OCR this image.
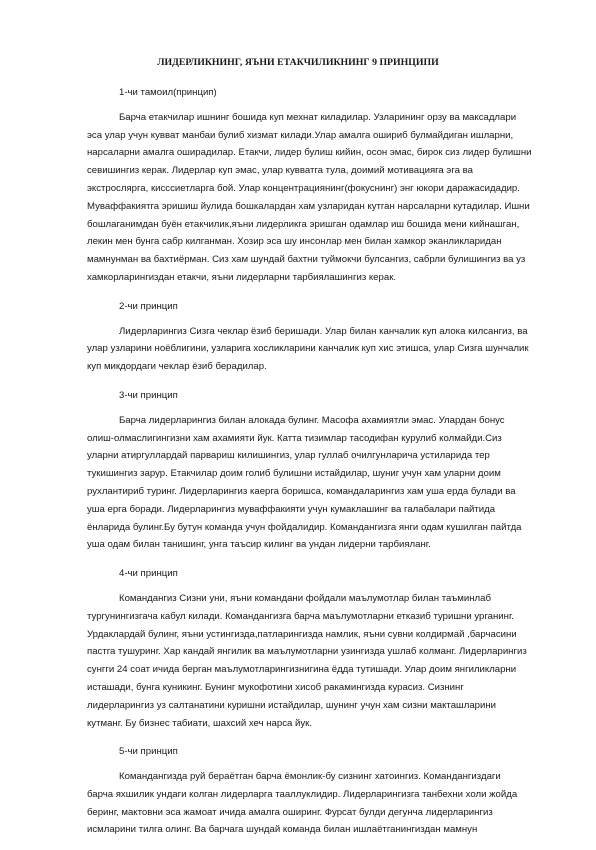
ЛИДЕРЛИКНИНГ, ЯЪНИ ЕТАКЧИЛИКНИНГ 9 ПРИНЦИПИ
1-чи тамоил(принцип)
Барча етакчилар ишнинг бошида куп мехнат киладилар. Узларининг орзу ва максадлари
эса улар учун кувват манбаи булиб хизмат килади.Улар амалга ошириб булмайдиган ишларни,
нарсаларни амалга оширадилар. Етакчи, лидер булиш кийин, осон эмас, бирок сиз лидер булишни
севишингиз керак. Лидерлар куп эмас, улар кувватга тула, доимий мотивацияга эга ва
экстрослярга, кисссиетларга бой. Улар концентрациянинг(фокуснинг) энг юкори даражасидадир.
Муваффакиятга эришиш йулида бошкалардан хам узларидан кутган нарсаларни кутадилар. Ишни
бошлаганимдан буён етакчилик,яъни лидерликга эришган одамлар иш бошида мени кийнашган,
лекин мен бунга сабр килганман. Хозир эса шу инсонлар мен билан хамкор эканликларидан
мамнунман ва бахтиёрман. Сиз хам шундай бахтни туймокчи булсангиз, сабрли булишингиз ва уз
хамкорларингиздан етакчи, яъни лидерларни тарбиялашингиз керак.
2-чи принцип
Лидерларингиз Сизга чеклар ёзиб беришади. Улар билан канчалик куп алока килсангиз, ва
улар узларини ноёблигини, узларига хосликларини канчалик куп хис этишса, улар Сизга шунчалик
куп микдордаги чеклар ёзиб берадилар.
3-чи принцип
Барча лидерларингиз билан алокада булинг. Масофа ахамиятли эмас. Улардан бонус
олиш-олмаслигингизни хам ахамияти йук. Катта тизимлар тасодифан курулиб колмайди.Сиз
уларни атиргуллардай парвариш килишингиз, улар гуллаб очилгунларича устиларида тер
тукишингиз зарур. Етакчилар доим голиб булишни истайдилар, шуниг учун хам уларни доим
рухлантириб туринг. Лидерларингиз каерга боришса, командаларингиз хам уша ерда булади ва
уша ерга боради. Лидерларингиз муваффакияти учун кумаклашинг ва галабалари пайтида
ёнларида булинг.Бу бутун команда учун фойдалидир. Командангизга янги одам кушилган пайтда
уша одам билан танишинг, унга таъсир килинг ва ундан лидерни тарбияланг.
4-чи принцип
Командангиз Сизни уни, яъни командани фойдали маълумотлар билан таъминлаб
тургунингизгача кабул килади. Командангизга барча маълумотларни етказиб туришни урганинг.
Урдаклардай булинг, яъни устингизда,патларингизда намлик, яъни сувни колдирмай ,барчасини
пастга тушуринг. Хар кандай янгилик ва маълумотларни узингизда ушлаб колманг. Лидерларингиз
сунгги 24 соат ичида берган маълумотларингизнигина ёдда тутишади. Улар доим янгиликларни
исташади, бунга куникинг. Бунинг мукофотини хисоб ракамингизда курасиз. Сизнинг
лидерларингиз уз салтанатини куришни истайдилар, шунинг учун хам сизни макташларини
кутманг. Бу бизнес табиати, шахсий хеч нарса йук.
5-чи принцип
Командангизда руй бераётган барча ёмонлик-бу сизнинг хатоингиз. Командангиздаги
барча яхшилик ундаги колган лидерларга тааллуклидир. Лидерларингизга танбехни холи жойда
беринг, мактовни эса жамоат ичида амалга оширинг. Фурсат булди дегунча лидерларингиз
исмларини тилга олинг. Ва барчага шундай команда билан ишлаётганингиздан мамнун
